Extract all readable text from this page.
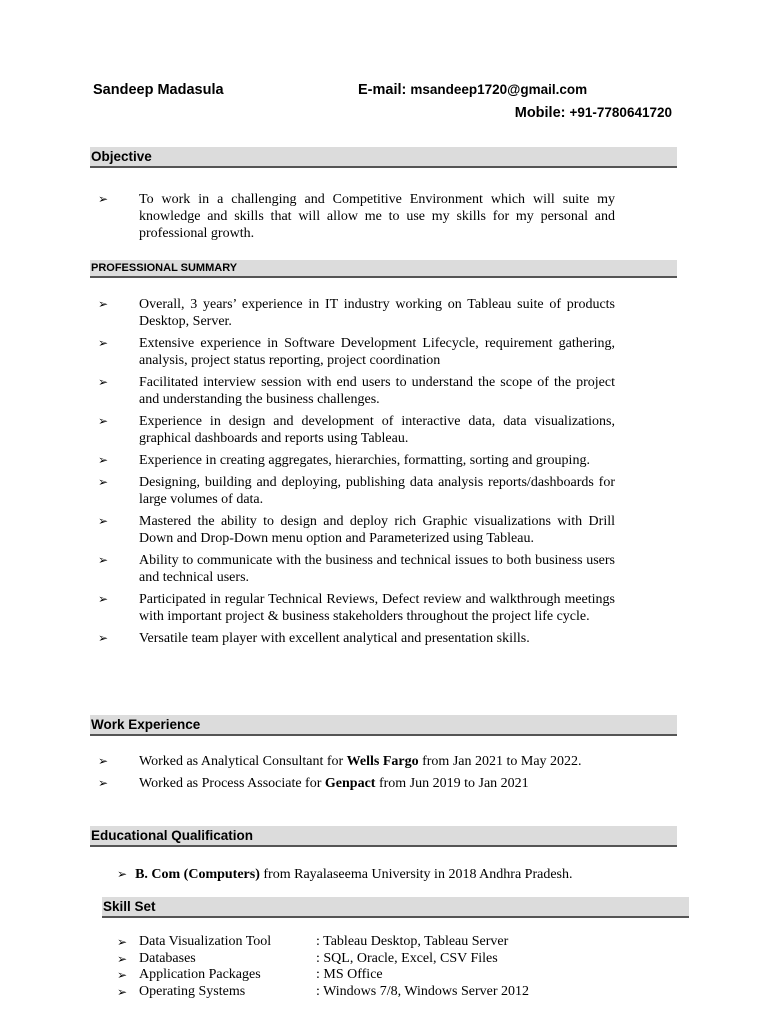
Sandeep Madasula	E-mail: msandeep1720@gmail.com
Mobile: +91-7780641720
Objective
➢ To work in a challenging and Competitive Environment which will suite my knowledge and skills that will allow me to use my skills for my personal and professional growth.
PROFESSIONAL SUMMARY
➢ Overall, 3 years’ experience in IT industry working on Tableau suite of products Desktop, Server.
➢ Extensive experience in Software Development Lifecycle, requirement gathering, analysis, project status reporting, project coordination
➢ Facilitated interview session with end users to understand the scope of the project and understanding the business challenges.
➢ Experience in design and development of interactive data, data visualizations, graphical dashboards and reports using Tableau.
➢ Experience in creating aggregates, hierarchies, formatting, sorting and grouping.
➢ Designing, building and deploying, publishing data analysis reports/dashboards for large volumes of data.
➢ Mastered the ability to design and deploy rich Graphic visualizations with Drill Down and Drop-Down menu option and Parameterized using Tableau.
➢ Ability to communicate with the business and technical issues to both business users and technical users.
➢ Participated in regular Technical Reviews, Defect review and walkthrough meetings with important project & business stakeholders throughout the project life cycle.
➢ Versatile team player with excellent analytical and presentation skills.
Work Experience
➢ Worked as Analytical Consultant for Wells Fargo from Jan 2021 to May 2022.
➢ Worked as Process Associate for Genpact from Jun 2019 to Jan 2021
Educational Qualification
➢ B. Com (Computers) from Rayalaseema University in 2018 Andhra Pradesh.
Skill Set
➢ Data Visualization Tool	: Tableau Desktop, Tableau Server
➢ Databases	: SQL, Oracle, Excel, CSV Files
➢ Application Packages	: MS Office
➢ Operating Systems	: Windows 7/8, Windows Server 2012
